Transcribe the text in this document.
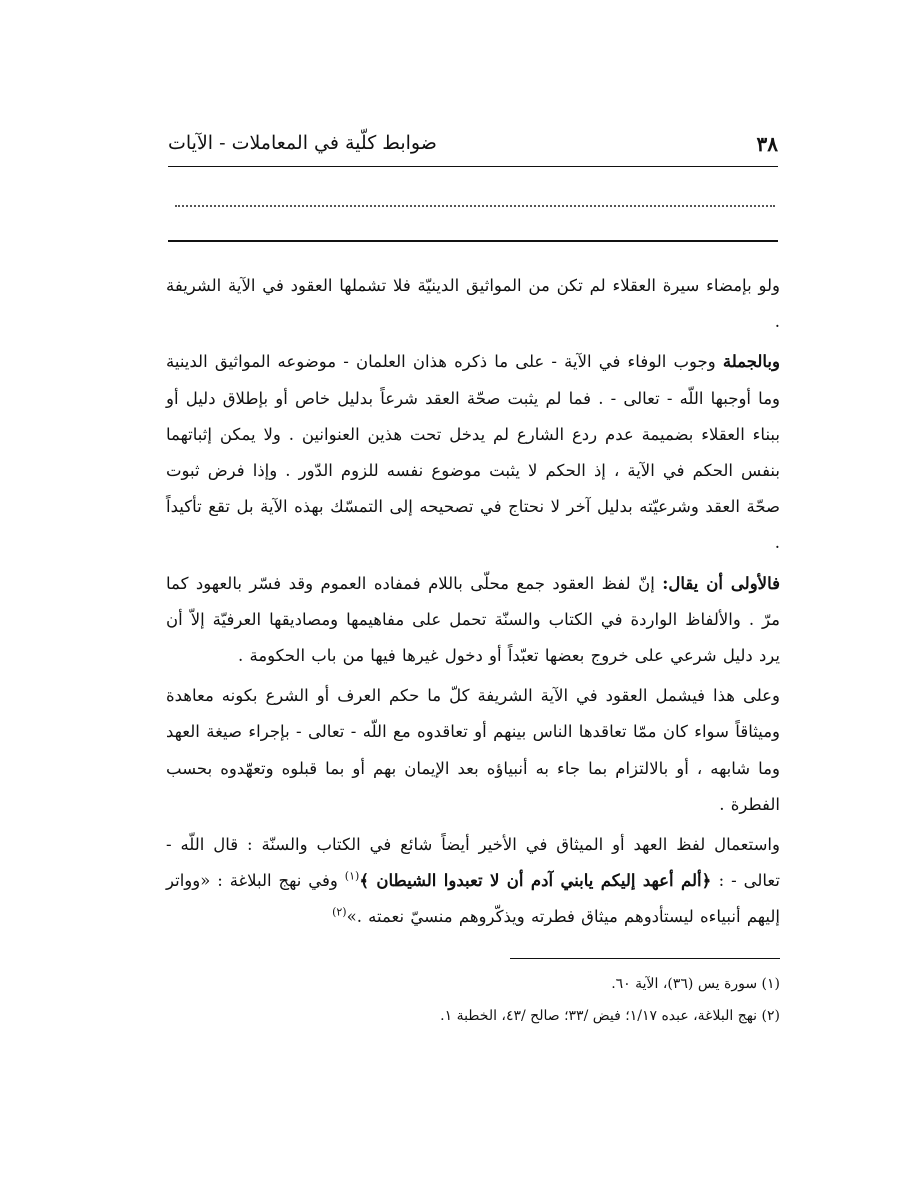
٣٨
ضوابط كلّية في المعاملات - الآيات

ولو بإمضاء سيرة العقلاء لم تكن من المواثيق الدينيّة فلا تشملها العقود في الآية الشريفة .

وبالجملة وجوب الوفاء في الآية - على ما ذكره هذان العلمان - موضوعه المواثيق الدينية وما أوجبها اللّه - تعالى - . فما لم يثبت صحّة العقد شرعاً بدليل خاص أو بإطلاق دليل أو ببناء العقلاء بضميمة عدم ردع الشارع لم يدخل تحت هذين العنوانين . ولا يمكن إثباتهما بنفس الحكم في الآية ، إذ الحكم لا يثبت موضوع نفسه للزوم الدّور . وإذا فرض ثبوت صحّة العقد وشرعيّته بدليل آخر لا نحتاج في تصحيحه إلى التمسّك بهذه الآية بل تقع تأكيداً .

فالأولى أن يقال: إنّ لفظ العقود جمع محلّى باللام فمفاده العموم وقد فسّر بالعهود كما مرّ . والألفاظ الواردة في الكتاب والسنّة تحمل على مفاهيمها ومصاديقها العرفيّة إلاّ أن يرد دليل شرعي على خروج بعضها تعبّداً أو دخول غيرها فيها من باب الحكومة .

وعلى هذا فيشمل العقود في الآية الشريفة كلّ ما حكم العرف أو الشرع بكونه معاهدة وميثاقاً سواء كان ممّا تعاقدها الناس بينهم أو تعاقدوه مع اللّه - تعالى - بإجراء صيغة العهد وما شابهه ، أو بالالتزام بما جاء به أنبياؤه بعد الإيمان بهم أو بما قبلوه وتعهّدوه بحسب الفطرة .

واستعمال لفظ العهد أو الميثاق في الأخير أيضاً شائع في الكتاب والسنّة : قال اللّه - تعالى - : ﴿ألم أعهد إليكم يابني آدم أن لا تعبدوا الشيطان ﴾$^{(١)}$ وفي نهج البلاغة : «وواتر إليهم أنبياءه ليستأدوهم ميثاق فطرته ويذكّروهم منسيّ نعمته .»$^{(٢)}$

(١) سورة يس (٣٦)، الآية ٦٠.

(٢) نهج البلاغة، عبده ١/١٧؛ فيض /٣٣؛ صالح /٤٣، الخطبة ١.
